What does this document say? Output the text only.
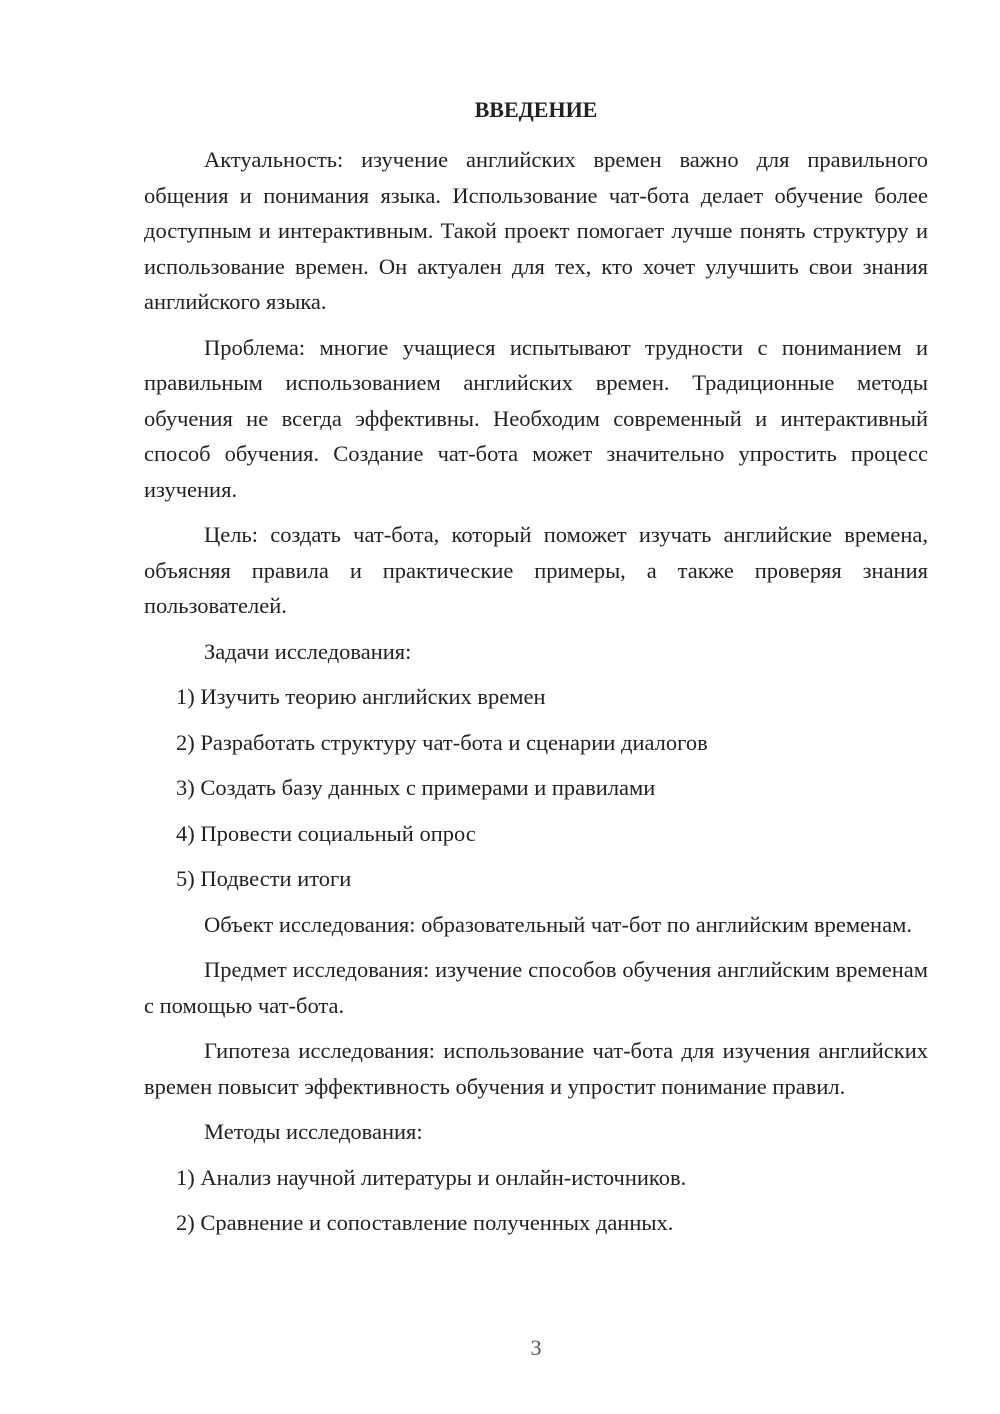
ВВЕДЕНИЕ

Актуальность: изучение английских времен важно для правильного общения и понимания языка. Использование чат-бота делает обучение более доступным и интерактивным. Такой проект помогает лучше понять структуру и использование времен. Он актуален для тех, кто хочет улучшить свои знания английского языка.

Проблема: многие учащиеся испытывают трудности с пониманием и правильным использованием английских времен. Традиционные методы обучения не всегда эффективны. Необходим современный и интерактивный способ обучения. Создание чат-бота может значительно упростить процесс изучения.

Цель: создать чат-бота, который поможет изучать английские времена, объясняя правила и практические примеры, а также проверяя знания пользователей.

Задачи исследования:

1) Изучить теорию английских времен

2) Разработать структуру чат-бота и сценарии диалогов

3) Создать базу данных с примерами и правилами

4) Провести социальный опрос

5) Подвести итоги

Объект исследования: образовательный чат-бот по английским временам.

Предмет исследования: изучение способов обучения английским временам с помощью чат-бота.

Гипотеза исследования: использование чат-бота для изучения английских времен повысит эффективность обучения и упростит понимание правил.

Методы исследования:

1) Анализ научной литературы и онлайн-источников.

2) Сравнение и сопоставление полученных данных.

3
